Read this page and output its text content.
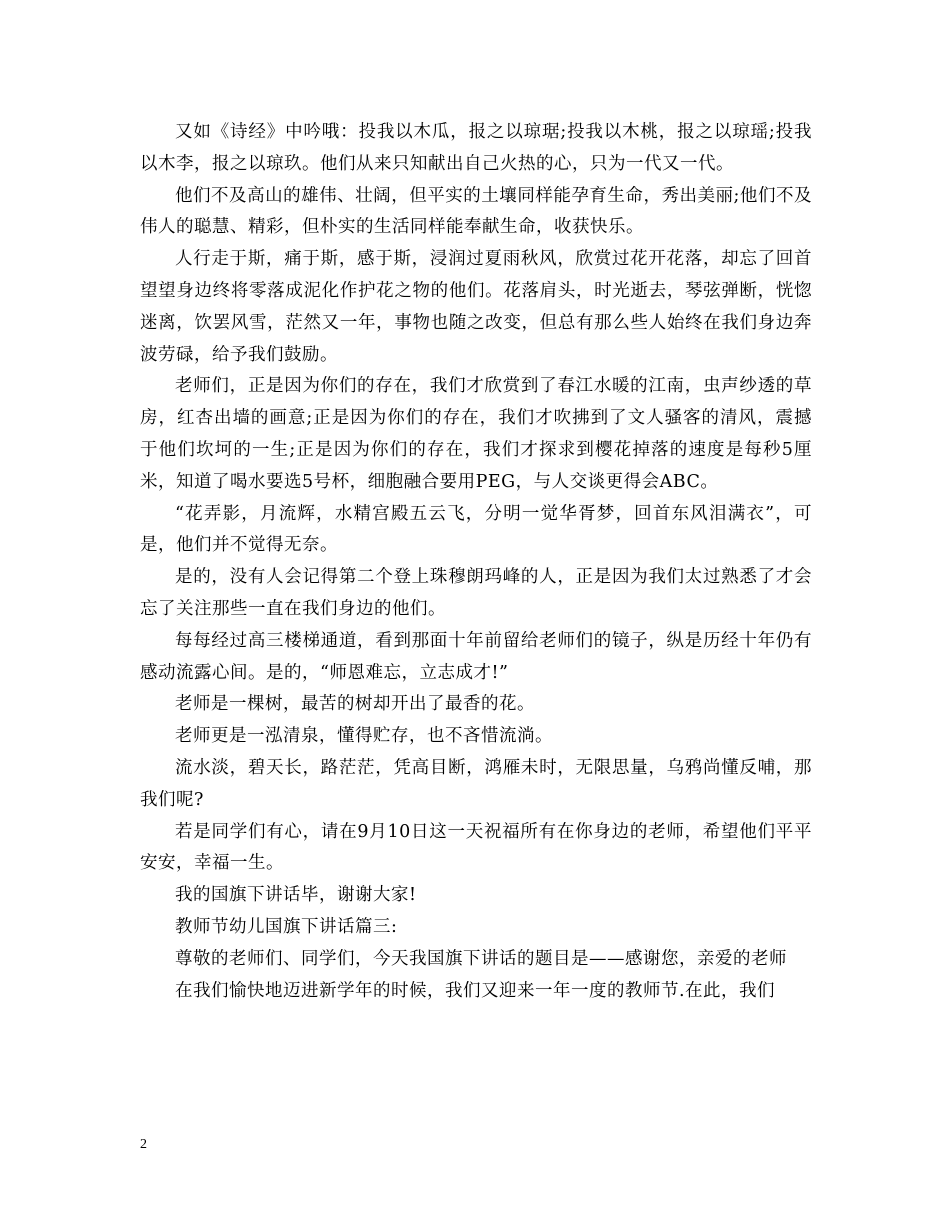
又如《诗经》中吟哦：投我以木瓜，报之以琼琚;投我以木桃，报之以琼瑶;投我以木李，报之以琼玖。他们从来只知献出自己火热的心，只为一代又一代。

他们不及高山的雄伟、壮阔，但平实的土壤同样能孕育生命，秀出美丽;他们不及伟人的聪慧、精彩，但朴实的生活同样能奉献生命，收获快乐。

人行走于斯，痛于斯，感于斯，浸润过夏雨秋风，欣赏过花开花落，却忘了回首望望身边终将零落成泥化作护花之物的他们。花落肩头，时光逝去，琴弦弹断，恍惚迷离，饮罢风雪，茫然又一年，事物也随之改变，但总有那么些人始终在我们身边奔波劳碌，给予我们鼓励。

老师们，正是因为你们的存在，我们才欣赏到了春江水暖的江南，虫声纱透的草房，红杏出墙的画意;正是因为你们的存在，我们才吹拂到了文人骚客的清风，震撼于他们坎坷的一生;正是因为你们的存在，我们才探求到樱花掉落的速度是每秒5厘米，知道了喝水要选5号杯，细胞融合要用PEG，与人交谈更得会ABC。

“花弄影，月流辉，水精宫殿五云飞，分明一觉华胥梦，回首东风泪满衣”，可是，他们并不觉得无奈。

是的，没有人会记得第二个登上珠穆朗玛峰的人，正是因为我们太过熟悉了才会忘了关注那些一直在我们身边的他们。

每每经过高三楼梯通道，看到那面十年前留给老师们的镜子，纵是历经十年仍有感动流露心间。是的，“师恩难忘，立志成才!”

老师是一棵树，最苦的树却开出了最香的花。

老师更是一泓清泉，懂得贮存，也不吝惜流淌。

流水淡，碧天长，路茫茫，凭高目断，鸿雁未时，无限思量，乌鸦尚懂反哺，那我们呢?

若是同学们有心，请在9月10日这一天祝福所有在你身边的老师，希望他们平平安安，幸福一生。

我的国旗下讲话毕，谢谢大家!

教师节幼儿国旗下讲话篇三:

尊敬的老师们、同学们，今天我国旗下讲话的题目是——感谢您，亲爱的老师

在我们愉快地迈进新学年的时候，我们又迎来一年一度的教师节.在此，我们

2
